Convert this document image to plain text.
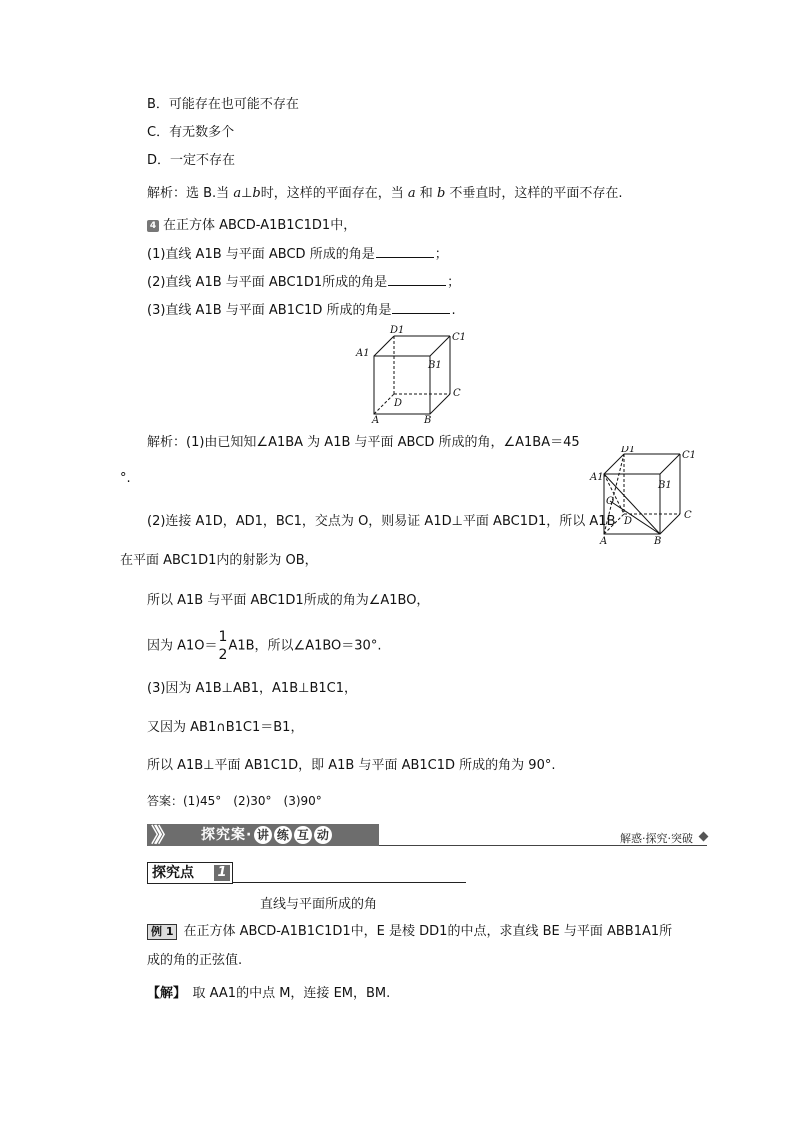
B．可能存在也可能不存在
C．有无数多个
D．一定不存在
解析：选 B.当 a⊥b时，这样的平面存在，当 a 和 b 不垂直时，这样的平面不存在.
4 在正方体 ABCD-A1B1C1D1中，
(1)直线 A1B 与平面 ABCD 所成的角是	；
(2)直线 A1B 与平面 ABC1D1所成的角是	；
(3)直线 A1B 与平面 AB1C1D 所成的角是	.
A1
D1
C1
B1
A	B
C
D
解析：(1)由已知知∠A1BA 为 A1B 与平面 ABCD 所成的角，∠A1BA＝45
°.	A1
D1
C1
B1
A	B
C
D
O
(2)连接 A1D，AD1，BC1，交点为 O，则易证 A1D⊥平面 ABC1D1，所以 A1B
在平面 ABC1D1内的射影为 OB，
所以 A1B 与平面 ABC1D1所成的角为∠A1BO，
因为 A1O＝
1
2
A1B，所以∠A1BO＝30°.
(3)因为 A1B⊥AB1，A1B⊥B1C1，
又因为 AB1∩B1C1＝B1，
所以 A1B⊥平面 AB1C1D，即 A1B 与平面 AB1C1D 所成的角为 90°.
答案：(1)45°　(2)30°　(3)90°
》》	探究案· 讲 练 互 动	解惑·探究·突破
探究点 1
直线与平面所成的角
例 1 在正方体 ABCD-A1B1C1D1中，E 是棱 DD1的中点，求直线 BE 与平面 ABB1A1所
成的角的正弦值.
【解】　 取 AA1的中点 M，连接 EM，BM.
